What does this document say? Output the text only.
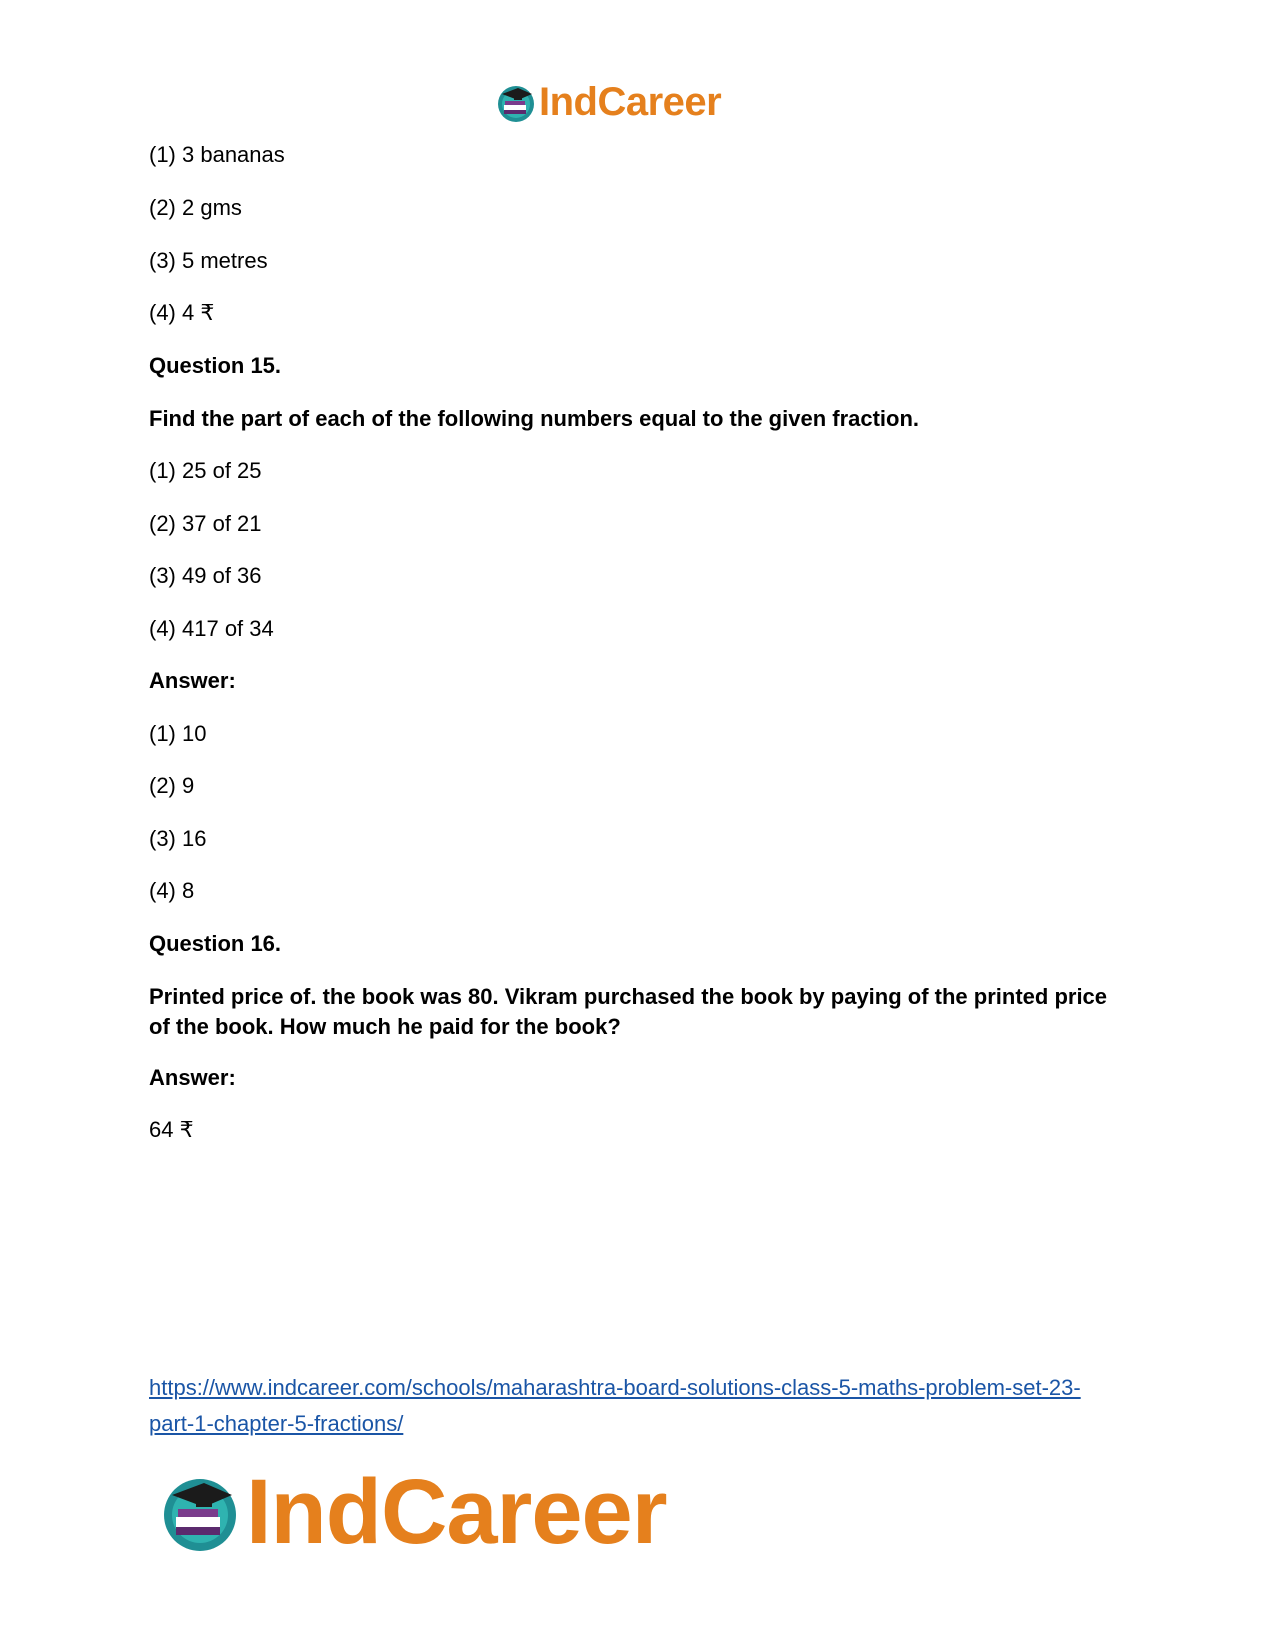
IndCareer
(1) 3 bananas
(2) 2 gms
(3) 5 metres
(4) 4 ₹
Question 15.
Find the part of each of the following numbers equal to the given fraction.
(1) 25 of 25
(2) 37 of 21
(3) 49 of 36
(4) 417 of 34
Answer:
(1) 10
(2) 9
(3) 16
(4) 8
Question 16.
Printed price of. the book was 80. Vikram purchased the book by paying of the printed price of the book. How much he paid for the book?
Answer:
64 ₹
https://www.indcareer.com/schools/maharashtra-board-solutions-class-5-maths-problem-set-23-
part-1-chapter-5-fractions/
IndCareer
